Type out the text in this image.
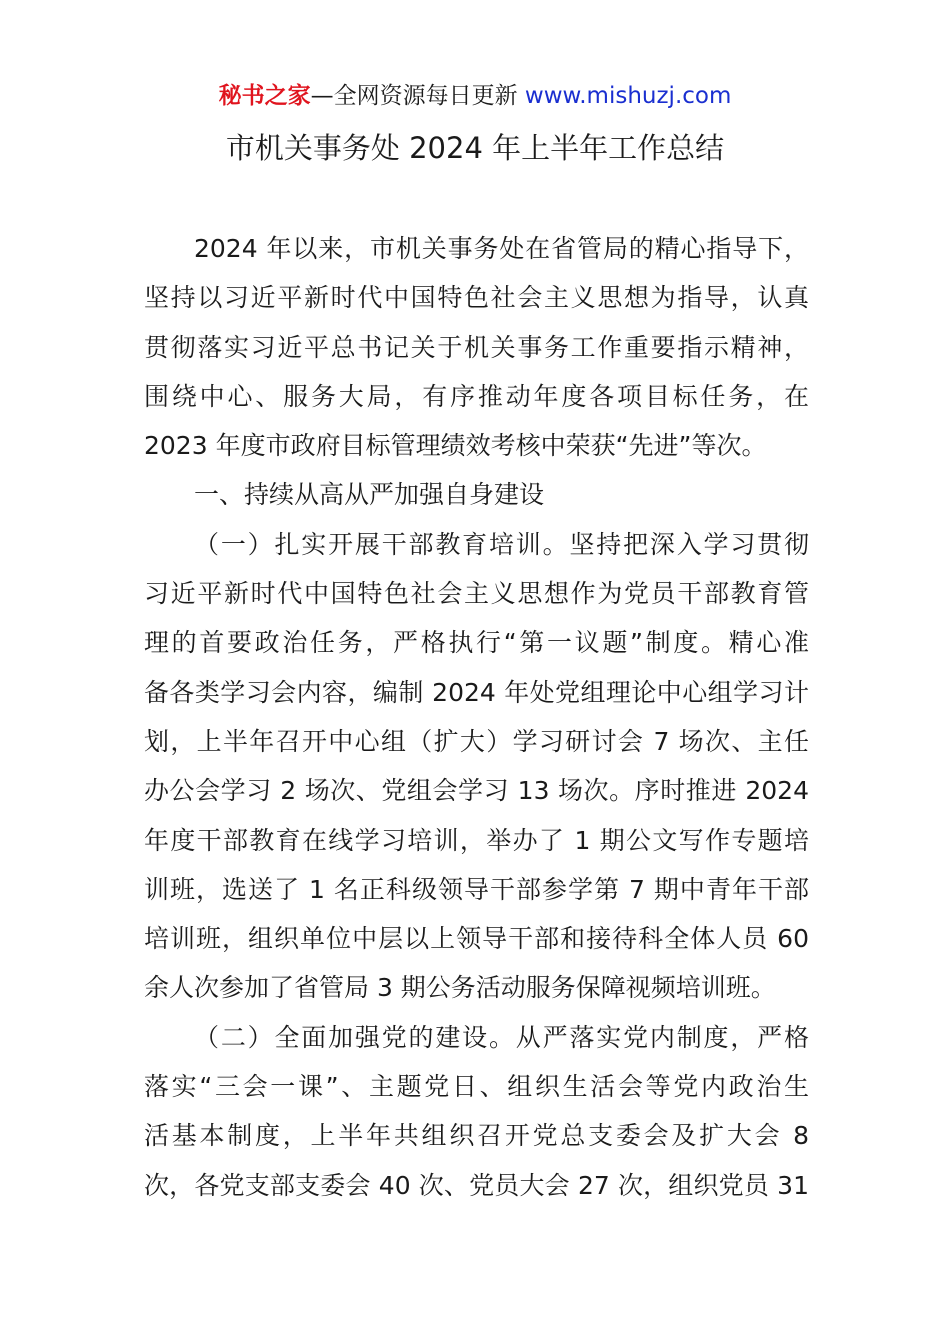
秘书之家—全网资源每日更新 www.mishuzj.com
市机关事务处 2024 年上半年工作总结
2024 年以来，市机关事务处在省管局的精心指导下，
坚持以习近平新时代中国特色社会主义思想为指导，认真
贯彻落实习近平总书记关于机关事务工作重要指示精神，
围绕中心、服务大局，有序推动年度各项目标任务，在
2023 年度市政府目标管理绩效考核中荣获“先进”等次。
一、持续从高从严加强自身建设
（一）扎实开展干部教育培训。坚持把深入学习贯彻
习近平新时代中国特色社会主义思想作为党员干部教育管
理的首要政治任务，严格执行“第一议题”制度。精心准
备各类学习会内容，编制 2024 年处党组理论中心组学习计
划，上半年召开中心组（扩大）学习研讨会 7 场次、主任
办公会学习 2 场次、党组会学习 13 场次。序时推进 2024
年度干部教育在线学习培训，举办了 1 期公文写作专题培
训班，选送了 1 名正科级领导干部参学第 7 期中青年干部
培训班，组织单位中层以上领导干部和接待科全体人员 60
余人次参加了省管局 3 期公务活动服务保障视频培训班。
（二）全面加强党的建设。从严落实党内制度，严格
落实“三会一课”、主题党日、组织生活会等党内政治生
活基本制度，上半年共组织召开党总支委会及扩大会 8
次，各党支部支委会 40 次、党员大会 27 次，组织党员 31
